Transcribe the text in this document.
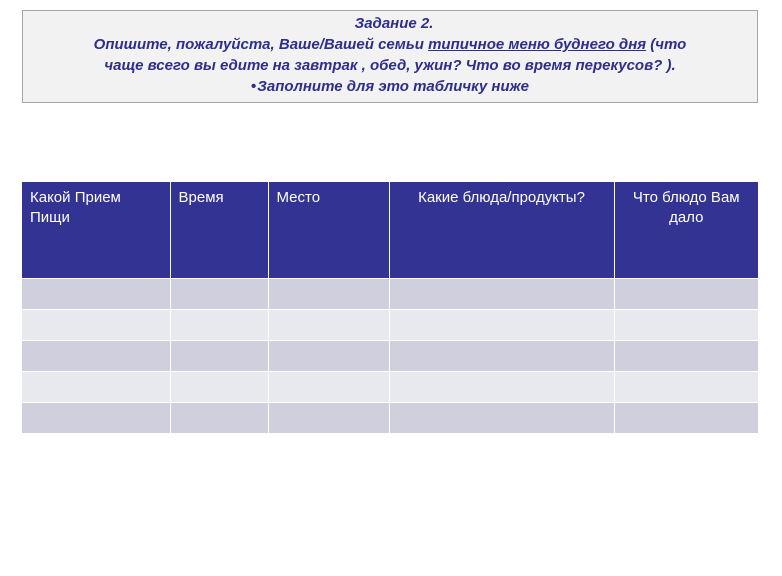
Задание 2.
Опишите, пожалуйста, Ваше/Вашей семьи типичное меню буднего дня (что
чаще всего вы едите на завтрак , обед, ужин? Что во время перекусов? ).
•Заполните для это табличку ниже
Какой Прием Пищи	Время	Место	Какие блюда/продукты?	Что блюдо Вам дало
